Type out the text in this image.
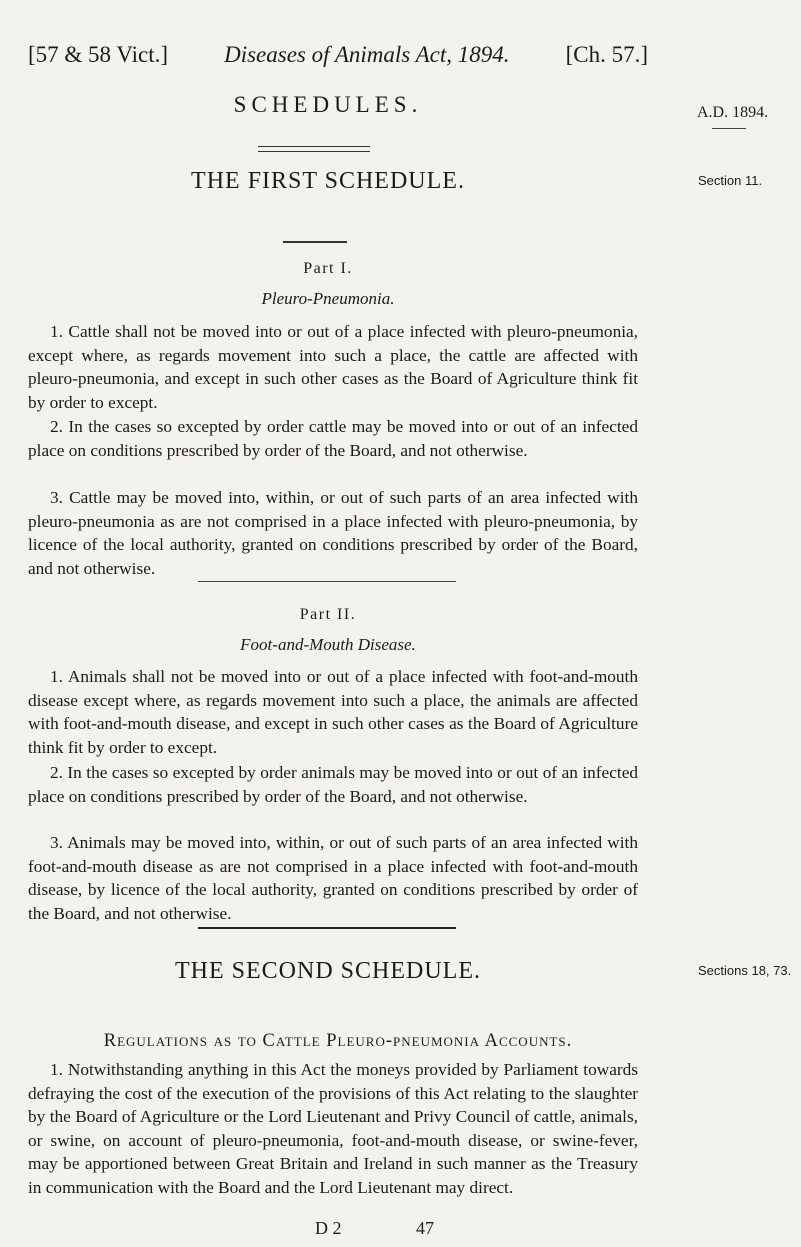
[57 & 58 Vict.] Diseases of Animals Act, 1894. [Ch. 57.]
SCHEDULES.	A.D. 1894.
Section 11.
THE FIRST SCHEDULE.
Part I.
Pleuro-Pneumonia.

1. Cattle shall not be moved into or out of a place infected with pleuro-pneumonia, except where, as regards movement into such a place, the cattle are affected with pleuro-pneumonia, and except in such other cases as the Board of Agriculture think fit by order to except.

2. In the cases so excepted by order cattle may be moved into or out of an infected place on conditions prescribed by order of the Board, and not otherwise.

3. Cattle may be moved into, within, or out of such parts of an area infected with pleuro-pneumonia as are not comprised in a place infected with pleuro-pneumonia, by licence of the local authority, granted on conditions prescribed by order of the Board, and not otherwise.

Part II.
Foot-and-Mouth Disease.

1. Animals shall not be moved into or out of a place infected with foot-and-mouth disease except where, as regards movement into such a place, the animals are affected with foot-and-mouth disease, and except in such other cases as the Board of Agriculture think fit by order to except.

2. In the cases so excepted by order animals may be moved into or out of an infected place on conditions prescribed by order of the Board, and not otherwise.

3. Animals may be moved into, within, or out of such parts of an area infected with foot-and-mouth disease as are not comprised in a place infected with foot-and-mouth disease, by licence of the local authority, granted on conditions prescribed by order of the Board, and not otherwise.

THE SECOND SCHEDULE.	Sections 18, 73.
Regulations as to Cattle Pleuro-pneumonia Accounts.

1. Notwithstanding anything in this Act the moneys provided by Parliament towards defraying the cost of the execution of the provisions of this Act relating to the slaughter by the Board of Agriculture or the Lord Lieutenant and Privy Council of cattle, animals, or swine, on account of pleuro-pneumonia, foot-and-mouth disease, or swine-fever, may be apportioned between Great Britain and Ireland in such manner as the Treasury in communication with the Board and the Lord Lieutenant may direct.

D 2	47
